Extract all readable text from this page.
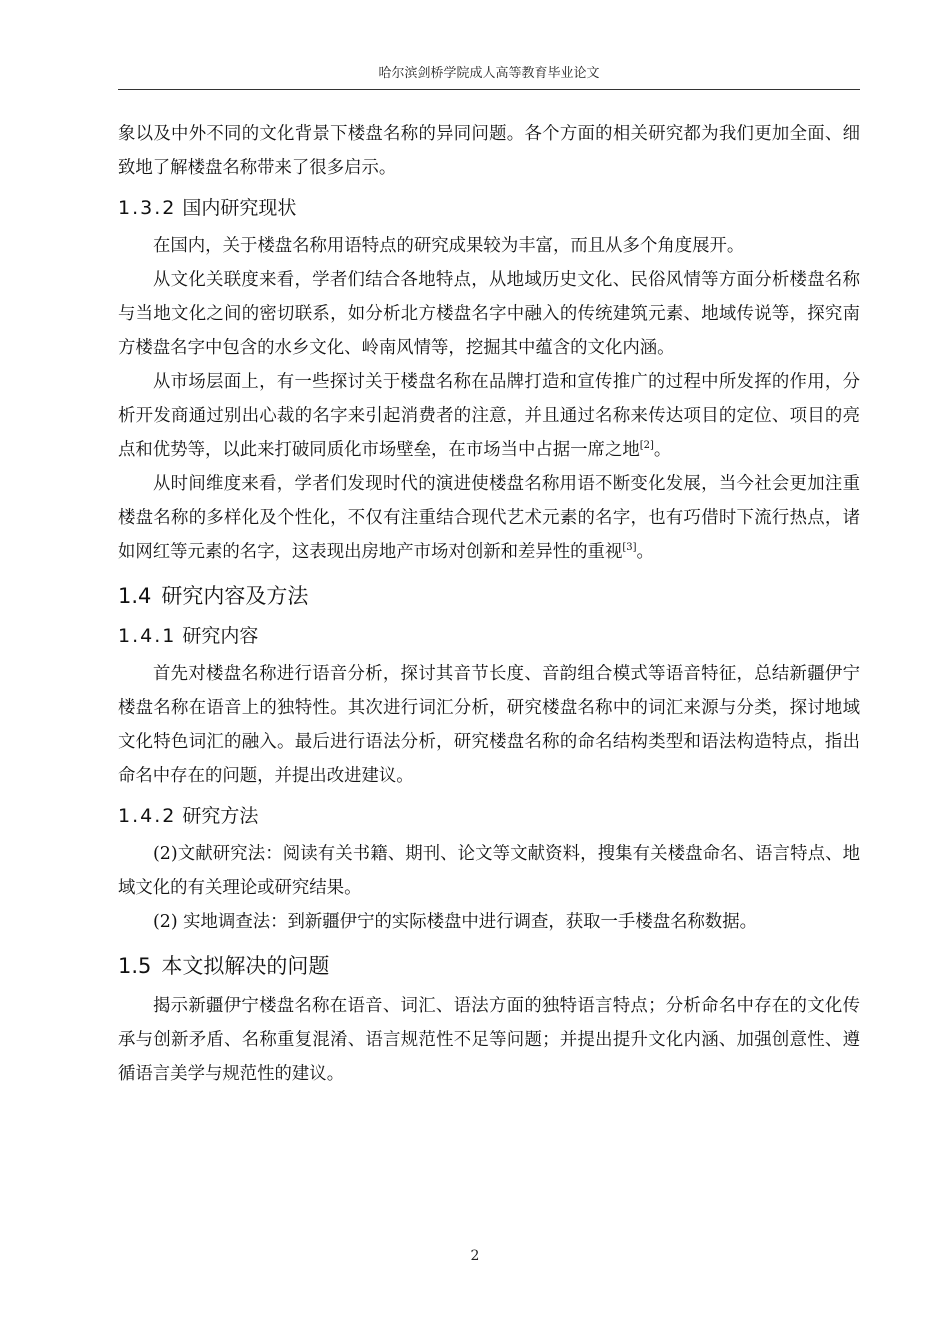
哈尔滨剑桥学院成人高等教育毕业论文

象以及中外不同的文化背景下楼盘名称的异同问题。各个方面的相关研究都为我们更加全面、细致地了解楼盘名称带来了很多启示。

1.3.2 国内研究现状

在国内，关于楼盘名称用语特点的研究成果较为丰富，而且从多个角度展开。

从文化关联度来看，学者们结合各地特点，从地域历史文化、民俗风情等方面分析楼盘名称与当地文化之间的密切联系，如分析北方楼盘名字中融入的传统建筑元素、地域传说等，探究南方楼盘名字中包含的水乡文化、岭南风情等，挖掘其中蕴含的文化内涵。

从市场层面上，有一些探讨关于楼盘名称在品牌打造和宣传推广的过程中所发挥的作用，分析开发商通过别出心裁的名字来引起消费者的注意，并且通过名称来传达项目的定位、项目的亮点和优势等，以此来打破同质化市场壁垒，在市场当中占据一席之地[2]。

从时间维度来看，学者们发现时代的演进使楼盘名称用语不断变化发展，当今社会更加注重楼盘名称的多样化及个性化，不仅有注重结合现代艺术元素的名字，也有巧借时下流行热点，诸如网红等元素的名字，这表现出房地产市场对创新和差异性的重视[3]。

1.4 研究内容及方法
1.4.1 研究内容

首先对楼盘名称进行语音分析，探讨其音节长度、音韵组合模式等语音特征，总结新疆伊宁楼盘名称在语音上的独特性。其次进行词汇分析，研究楼盘名称中的词汇来源与分类，探讨地域文化特色词汇的融入。最后进行语法分析，研究楼盘名称的命名结构类型和语法构造特点，指出命名中存在的问题，并提出改进建议。

1.4.2 研究方法

(2)文献研究法：阅读有关书籍、期刊、论文等文献资料，搜集有关楼盘命名、语言特点、地域文化的有关理论或研究结果。

(2) 实地调查法：到新疆伊宁的实际楼盘中进行调查，获取一手楼盘名称数据。

1.5 本文拟解决的问题

揭示新疆伊宁楼盘名称在语音、词汇、语法方面的独特语言特点；分析命名中存在的文化传承与创新矛盾、名称重复混淆、语言规范性不足等问题；并提出提升文化内涵、加强创意性、遵循语言美学与规范性的建议。

2
